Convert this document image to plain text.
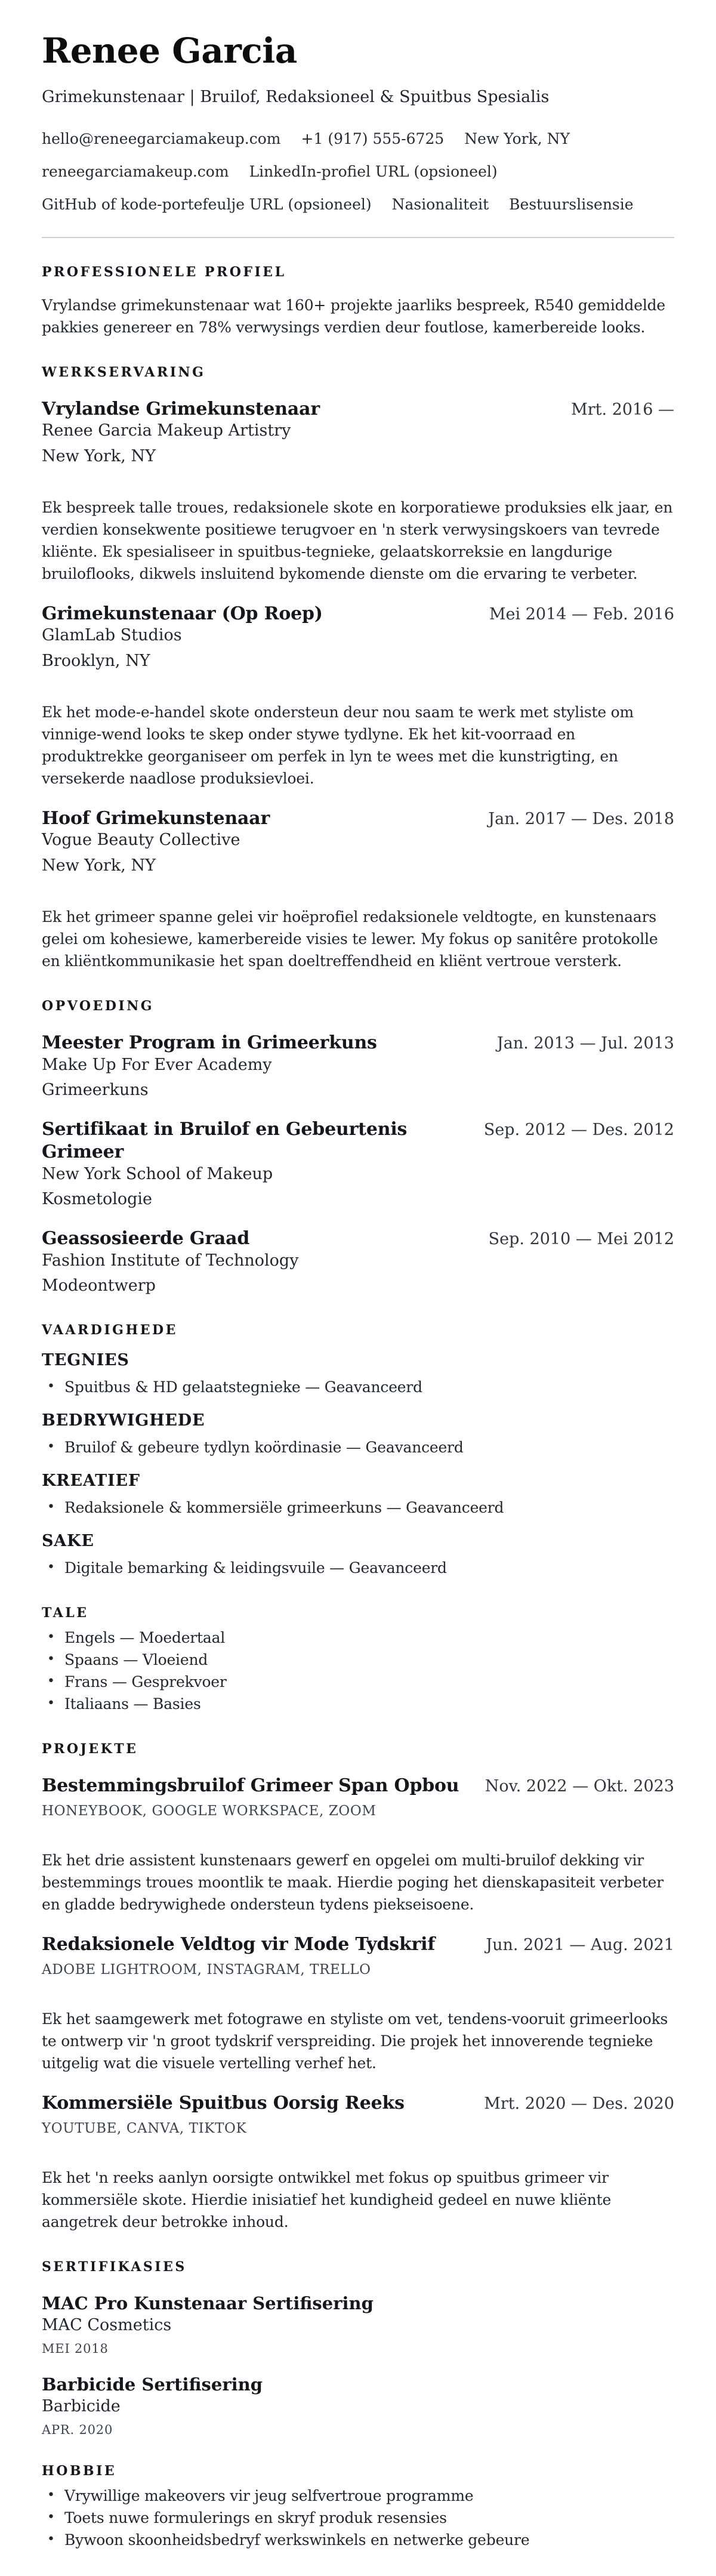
Renee Garcia
Grimekunstenaar | Bruilof, Redaksioneel & Spuitbus Spesialis
hello@reneegarciamakeup.com +1 (917) 555-6725 New York, NY
reneegarciamakeup.com LinkedIn-profiel URL (opsioneel)
GitHub of kode-portefeulje URL (opsioneel) Nasionaliteit Bestuurslisensie
PROFESSIONELE PROFIEL
Vrylandse grimekunstenaar wat 160+ projekte jaarliks bespreek, R540 gemiddelde pakkies genereer en 78% verwysings verdien deur foutlose, kamerbereide looks.
WERKSERVARING
Vrylandse Grimekunstenaar	Mrt. 2016 —
Renee Garcia Makeup Artistry
New York, NY
Ek bespreek talle troues, redaksionele skote en korporatiewe produksies elk jaar, en verdien konsekwente positiewe terugvoer en 'n sterk verwysingskoers van tevrede kliënte. Ek spesialiseer in spuitbus-tegnieke, gelaatskorreksie en langdurige bruiloflooks, dikwels insluitend bykomende dienste om die ervaring te verbeter.
Grimekunstenaar (Op Roep)	Mei 2014 — Feb. 2016
GlamLab Studios
Brooklyn, NY
Ek het mode-e-handel skote ondersteun deur nou saam te werk met styliste om vinnige-wend looks te skep onder stywe tydlyne. Ek het kit-voorraad en produktrekke georganiseer om perfek in lyn te wees met die kunstrigting, en versekerde naadlose produksievloei.
Hoof Grimekunstenaar	Jan. 2017 — Des. 2018
Vogue Beauty Collective
New York, NY
Ek het grimeer spanne gelei vir hoëprofiel redaksionele veldtogte, en kunstenaars gelei om kohesiewe, kamerbereide visies te lewer. My fokus op sanitêre protokolle en kliëntkommunikasie het span doeltreffendheid en kliënt vertroue versterk.
OPVOEDING
Meester Program in Grimeerkuns	Jan. 2013 — Jul. 2013
Make Up For Ever Academy
Grimeerkuns
Sertifikaat in Bruilof en Gebeurtenis Grimeer
Sep. 2012 — Des. 2012
New York School of Makeup
Kosmetologie
Geassosieerde Graad	Sep. 2010 — Mei 2012
Fashion Institute of Technology
Modeontwerp
VAARDIGHEDE
TEGNIES
• Spuitbus & HD gelaatstegnieke — Geavanceerd
BEDRYWIGHEDE
• Bruilof & gebeure tydlyn koördinasie — Geavanceerd
KREATIEF
• Redaksionele & kommersiële grimeerkuns — Geavanceerd
SAKE
• Digitale bemarking & leidingsvuile — Geavanceerd
TALE
• Engels — Moedertaal
• Spaans — Vloeiend
• Frans — Gesprekvoer
• Italiaans — Basies
PROJEKTE
Bestemmingsbruilof Grimeer Span Opbou	Nov. 2022 — Okt. 2023
HONEYBOOK, GOOGLE WORKSPACE, ZOOM
Ek het drie assistent kunstenaars gewerf en opgelei om multi-bruilof dekking vir bestemmings troues moontlik te maak. Hierdie poging het dienskapasiteit verbeter en gladde bedrywighede ondersteun tydens piekseisoene.
Redaksionele Veldtog vir Mode Tydskrif	Jun. 2021 — Aug. 2021
ADOBE LIGHTROOM, INSTAGRAM, TRELLO
Ek het saamgewerk met fotograwe en styliste om vet, tendens-vooruit grimeerlooks te ontwerp vir 'n groot tydskrif verspreiding. Die projek het innoverende tegnieke uitgelig wat die visuele vertelling verhef het.
Kommersiële Spuitbus Oorsig Reeks	Mrt. 2020 — Des. 2020
YOUTUBE, CANVA, TIKTOK
Ek het 'n reeks aanlyn oorsigte ontwikkel met fokus op spuitbus grimeer vir kommersiële skote. Hierdie inisiatief het kundigheid gedeel en nuwe kliënte aangetrek deur betrokke inhoud.
SERTIFIKASIES
MAC Pro Kunstenaar Sertifisering
MAC Cosmetics
MEI 2018
Barbicide Sertifisering
Barbicide
APR. 2020
HOBBIE
• Vrywillige makeovers vir jeug selfvertroue programme
• Toets nuwe formulerings en skryf produk resensies
• Bywoon skoonheidsbedryf werkswinkels en netwerke gebeure
